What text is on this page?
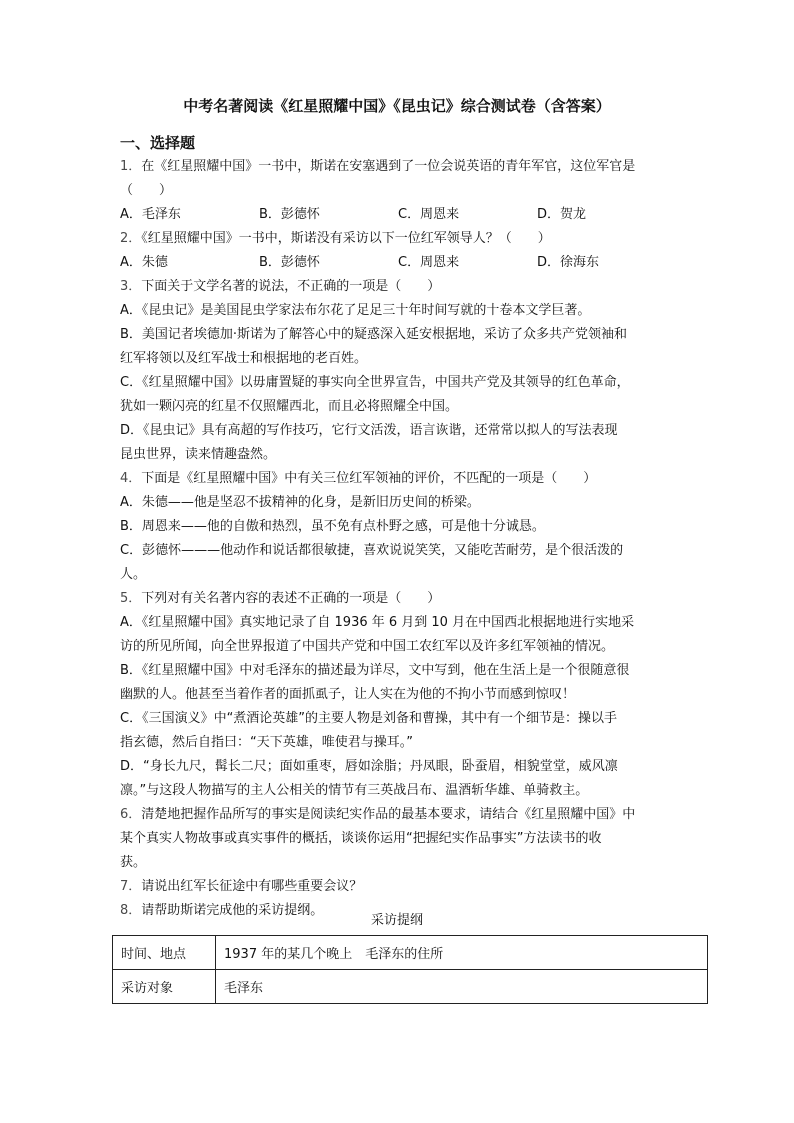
中考名著阅读《红星照耀中国》《昆虫记》综合测试卷（含答案）
一、选择题
1．在《红星照耀中国》一书中，斯诺在安塞遇到了一位会说英语的青年军官，这位军官是
（　　）
A．毛泽东	B．彭德怀	C．周恩来	D．贺龙
2．《红星照耀中国》一书中，斯诺没有采访以下一位红军领导人？（　　）
A．朱德	B．彭德怀	C．周恩来	D．徐海东
3．下面关于文学名著的说法，不正确的一项是（　　）
A．《昆虫记》是美国昆虫学家法布尔花了足足三十年时间写就的十卷本文学巨著。
B．美国记者埃德加·斯诺为了解答心中的疑惑深入延安根据地，采访了众多共产党领袖和
红军将领以及红军战士和根据地的老百姓。
C．《红星照耀中国》以毋庸置疑的事实向全世界宣告，中国共产党及其领导的红色革命，
犹如一颗闪亮的红星不仅照耀西北，而且必将照耀全中国。
D．《昆虫记》具有高超的写作技巧，它行文活泼，语言诙谐，还常常以拟人的写法表现
昆虫世界，读来情趣盎然。
4．下面是《红星照耀中国》中有关三位红军领袖的评价，不匹配的一项是（　　）
A．朱德——他是坚忍不拔精神的化身，是新旧历史间的桥梁。
B．周恩来——他的自傲和热烈，虽不免有点朴野之感，可是他十分诚恳。
C．彭德怀———他动作和说话都很敏捷，喜欢说说笑笑，又能吃苦耐劳，是个很活泼的
人。
5．下列对有关名著内容的表述不正确的一项是（　　）
A．《红星照耀中国》真实地记录了自 1936 年 6 月到 10 月在中国西北根据地进行实地采
访的所见所闻，向全世界报道了中国共产党和中国工农红军以及许多红军领袖的情况。
B．《红星照耀中国》中对毛泽东的描述最为详尽，文中写到，他在生活上是一个很随意很
幽默的人。他甚至当着作者的面抓虱子，让人实在为他的不拘小节而感到惊叹！
C．《三国演义》中“煮酒论英雄”的主要人物是刘备和曹操，其中有一个细节是：操以手
指玄德，然后自指曰：“天下英雄，唯使君与操耳。”
D．“身长九尺，髯长二尺；面如重枣，唇如涂脂；丹凤眼，卧蚕眉，相貌堂堂，威风凛
凛。”与这段人物描写的主人公相关的情节有三英战吕布、温酒斩华雄、单骑救主。
6．清楚地把握作品所写的事实是阅读纪实作品的最基本要求，请结合《红星照耀中国》中
某个真实人物故事或真实事件的概括，谈谈你运用“把握纪实作品事实”方法读书的收
获。
7．请说出红军长征途中有哪些重要会议？
8．请帮助斯诺完成他的采访提纲。
采访提纲
时间、地点	1937 年的某几个晚上　毛泽东的住所
采访对象	毛泽东
